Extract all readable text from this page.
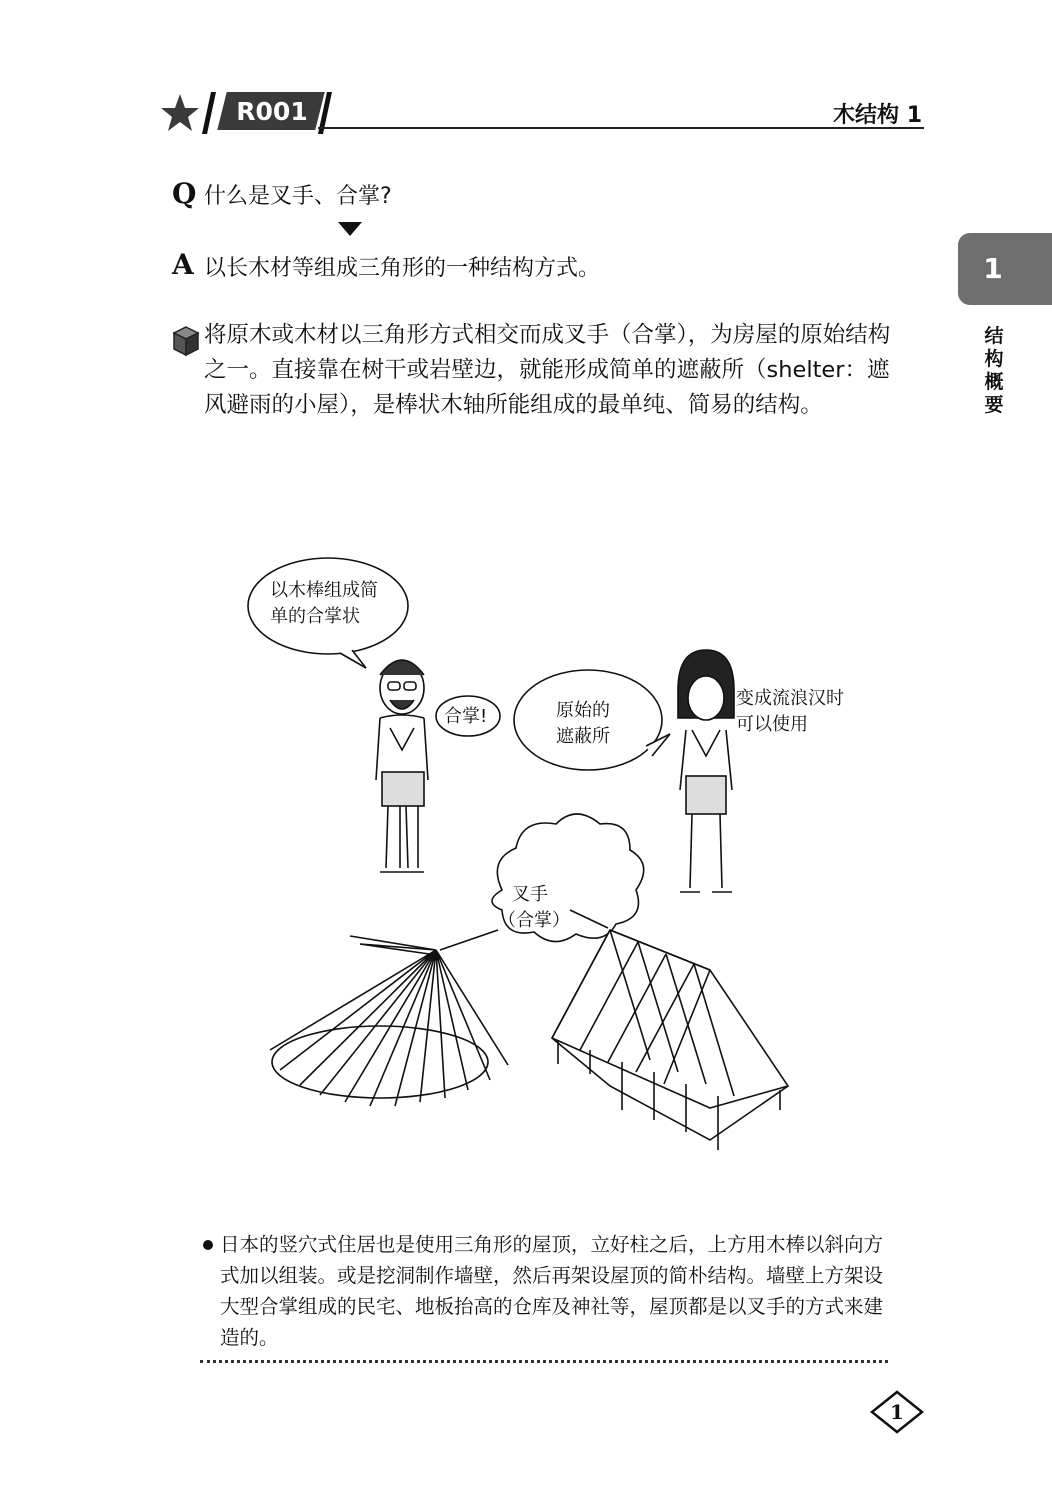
R001	木结构 1
1
结构概要
Q 什么是叉手、合掌?
A 以长木材等组成三角形的一种结构方式。
将原木或木材以三角形方式相交而成叉手（合掌），为房屋的原始结构之一。直接靠在树干或岩壁边，就能形成简单的遮蔽所（shelter：遮风避雨的小屋），是棒状木轴所能组成的最单纯、简易的结构。
以木棒组成简
单的合掌状
合掌!	原始的
遮蔽所
变成流浪汉时
可以使用
叉手
（合掌）
日本的竖穴式住居也是使用三角形的屋顶，立好柱之后，上方用木棒以斜向方式加以组装。或是挖洞制作墙壁，然后再架设屋顶的简朴结构。墙壁上方架设大型合掌组成的民宅、地板抬高的仓库及神社等，屋顶都是以叉手的方式来建造的。
1
